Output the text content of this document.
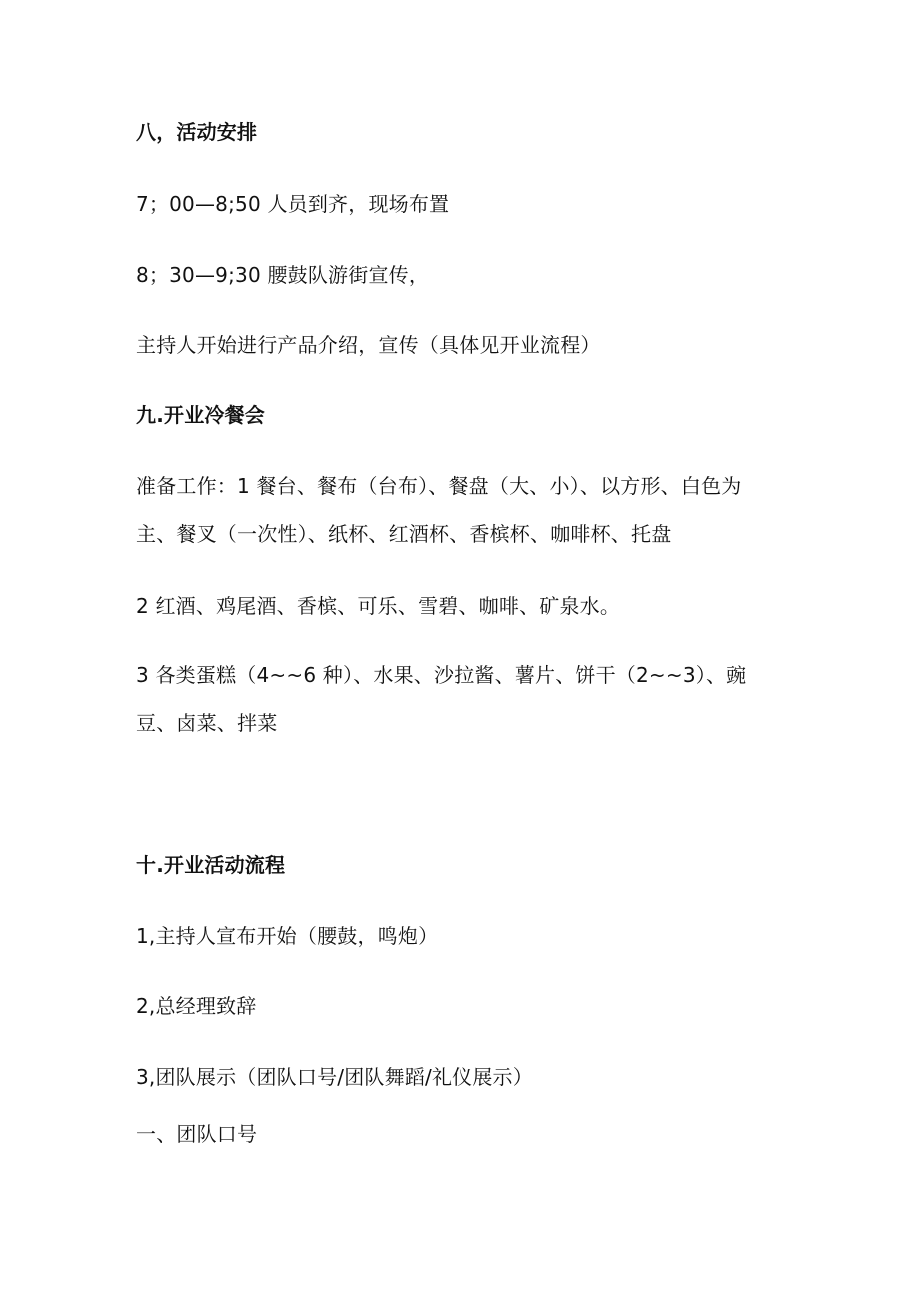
八，活动安排
7；00—8;50 人员到齐，现场布置
8；30—9;30 腰鼓队游街宣传，
主持人开始进行产品介绍，宣传（具体见开业流程）
九.开业冷餐会
准备工作：1 餐台、餐布（台布）、餐盘（大、小）、以方形、白色为
主、餐叉（一次性）、纸杯、红酒杯、香槟杯、咖啡杯、托盘
2 红酒、鸡尾酒、香槟、可乐、雪碧、咖啡、矿泉水。
3 各类蛋糕（4~~6 种）、水果、沙拉酱、薯片、饼干（2~~3）、豌
豆、卤菜、拌菜
十.开业活动流程
1,主持人宣布开始（腰鼓，鸣炮）
2,总经理致辞
3,团队展示（团队口号/团队舞蹈/礼仪展示）
一、团队口号
